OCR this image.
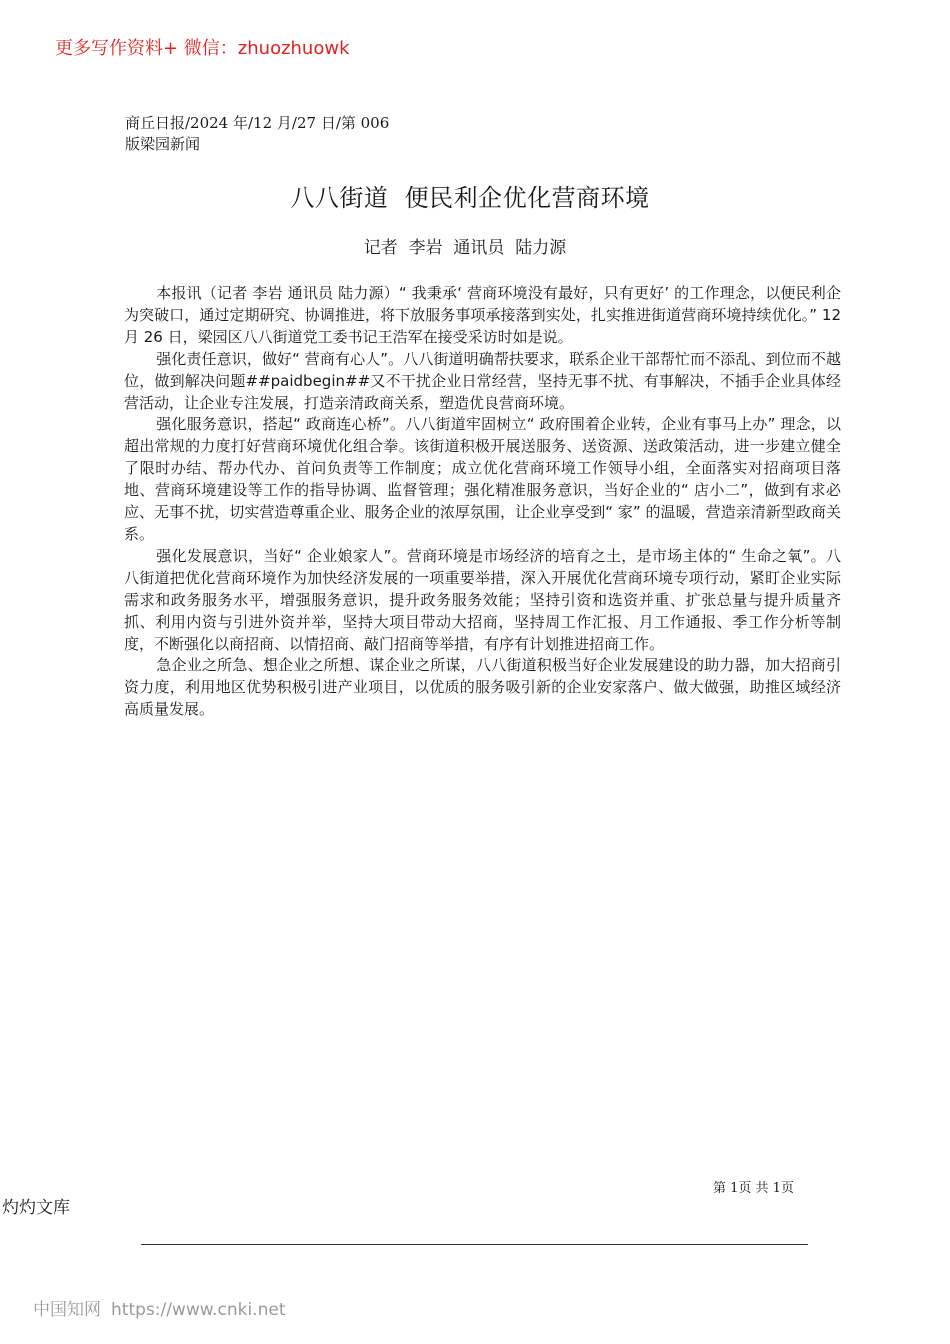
更多写作资料+ 微信：zhuozhuowk
商丘日报/2024 年/12 月/27 日/第 006
版梁园新闻
八八街道  便民利企优化营商环境
记者  李岩  通讯员  陆力源

本报讯（记者 李岩 通讯员 陆力源）“ 我秉承‘ 营商环境没有最好，只有更好’ 的工作理念，以便民利企为突破口，通过定期研究、协调推进，将下放服务事项承接落到实处，扎实推进街道营商环境持续优化。” 12 月 26 日，梁园区八八街道党工委书记王浩军在接受采访时如是说。

强化责任意识，做好“ 营商有心人”。八八街道明确帮扶要求，联系企业干部帮忙而不添乱、到位而不越位，做到解决问题##paidbegin##又不干扰企业日常经营，坚持无事不扰、有事解决，不插手企业具体经营活动，让企业专注发展，打造亲清政商关系，塑造优良营商环境。

强化服务意识，搭起“ 政商连心桥”。八八街道牢固树立“ 政府围着企业转，企业有事马上办” 理念，以超出常规的力度打好营商环境优化组合拳。该街道积极开展送服务、送资源、送政策活动，进一步建立健全了限时办结、帮办代办、首问负责等工作制度；成立优化营商环境工作领导小组，全面落实对招商项目落地、营商环境建设等工作的指导协调、监督管理；强化精准服务意识，当好企业的“ 店小二”，做到有求必应、无事不扰，切实营造尊重企业、服务企业的浓厚氛围，让企业享受到“ 家” 的温暖，营造亲清新型政商关系。

强化发展意识，当好“ 企业娘家人”。营商环境是市场经济的培育之土，是市场主体的“ 生命之氧”。八八街道把优化营商环境作为加快经济发展的一项重要举措，深入开展优化营商环境专项行动，紧盯企业实际需求和政务服务水平，增强服务意识，提升政务服务效能；坚持引资和选资并重、扩张总量与提升质量齐抓、利用内资与引进外资并举，坚持大项目带动大招商，坚持周工作汇报、月工作通报、季工作分析等制度，不断强化以商招商、以情招商、敲门招商等举措，有序有计划推进招商工作。

急企业之所急、想企业之所想、谋企业之所谋，八八街道积极当好企业发展建设的助力器，加大招商引资力度，利用地区优势积极引进产业项目，以优质的服务吸引新的企业安家落户、做大做强，助推区域经济高质量发展。

第 1页 共 1页
灼灼文库
中国知网 https://www.cnki.net
